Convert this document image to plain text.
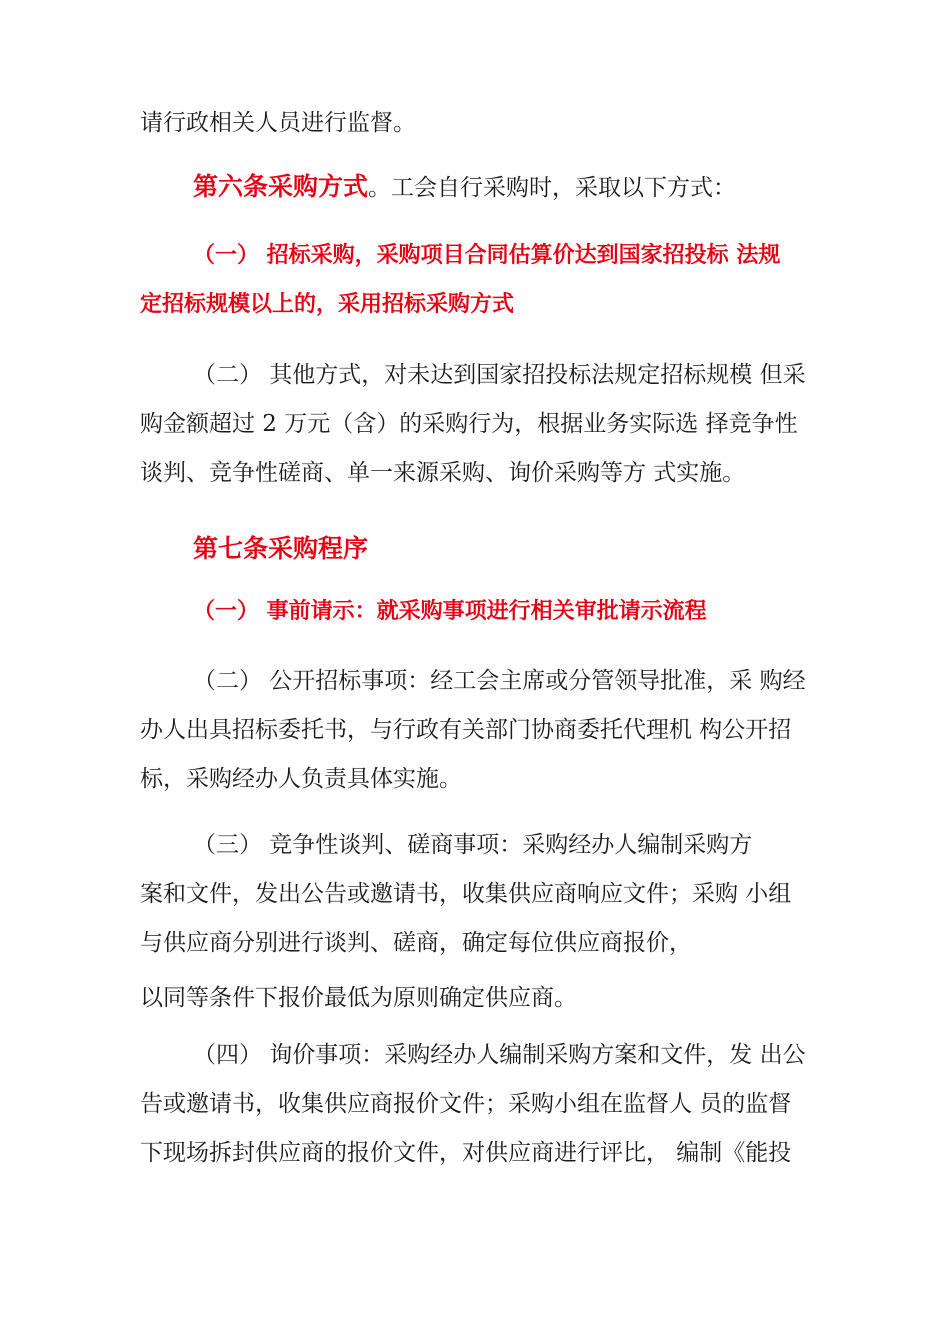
请行政相关人员进行监督。

第六条采购方式。工会自行采购时，采取以下方式：

（一） 招标采购，采购项目合同估算价达到国家招投标 法规

定招标规模以上的，采用招标采购方式

（二） 其他方式，对未达到国家招投标法规定招标规模 但采

购金额超过 2 万元（含）的采购行为，根据业务实际选 择竞争性

谈判、竞争性磋商、单一来源采购、询价采购等方 式实施。

第七条采购程序

（一） 事前请示：就采购事项进行相关审批请示流程

（二） 公开招标事项：经工会主席或分管领导批准，采 购经

办人出具招标委托书，与行政有关部门协商委托代理机 构公开招

标，采购经办人负责具体实施。

（三） 竞争性谈判、磋商事项：采购经办人编制采购方

案和文件，发出公告或邀请书，收集供应商响应文件；采购 小组

与供应商分别进行谈判、磋商，确定每位供应商报价，

以同等条件下报价最低为原则确定供应商。

（四） 询价事项：采购经办人编制采购方案和文件，发 出公

告或邀请书，收集供应商报价文件；采购小组在监督人 员的监督

下现场拆封供应商的报价文件，对供应商进行评比， 编制《能投
